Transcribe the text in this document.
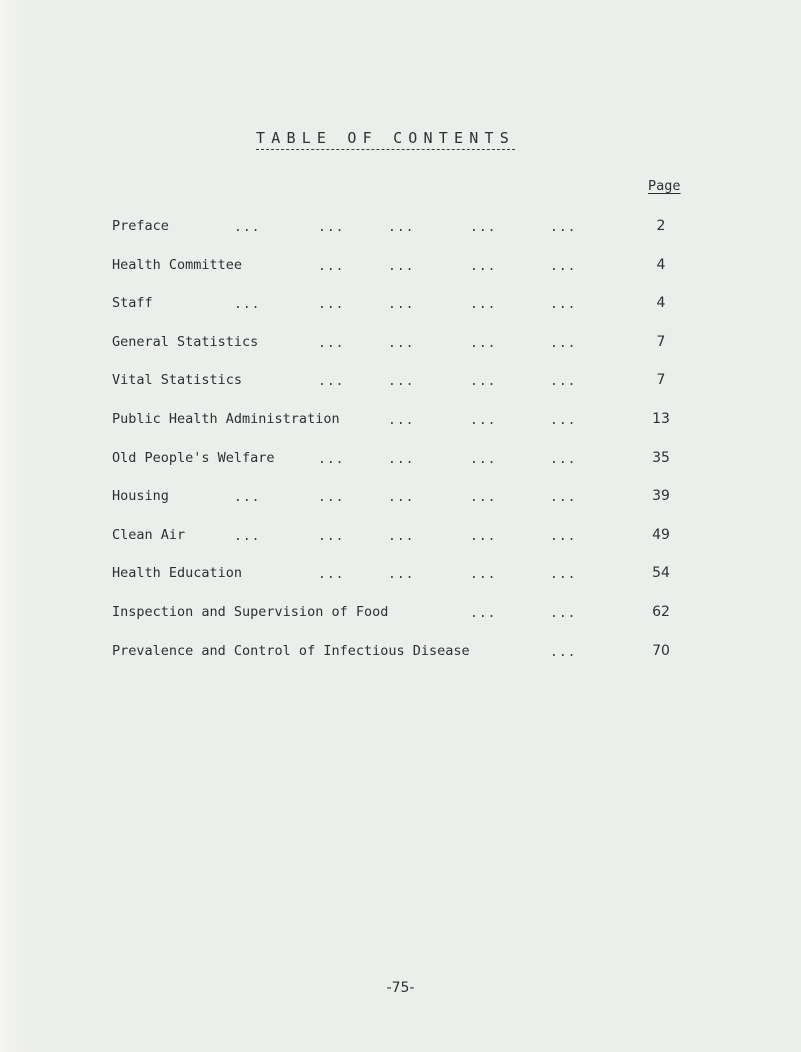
TABLE OF CONTENTS
Page
Preface	...	...	...	...	...	2
Health Committee	...	...	...	...	4
Staff	...	...	...	...	...	4
General Statistics	...	...	...	...	7
Vital Statistics	...	...	...	...	7
Public Health Administration	...	...	...	13
Old People's Welfare	...	...	...	...	35
Housing	...	...	...	...	...	39
Clean Air	...	...	...	...	...	49
Health Education	...	...	...	...	54
Inspection and Supervision of Food	...	...	62
Prevalence and Control of Infectious Disease	...	70
-75-
